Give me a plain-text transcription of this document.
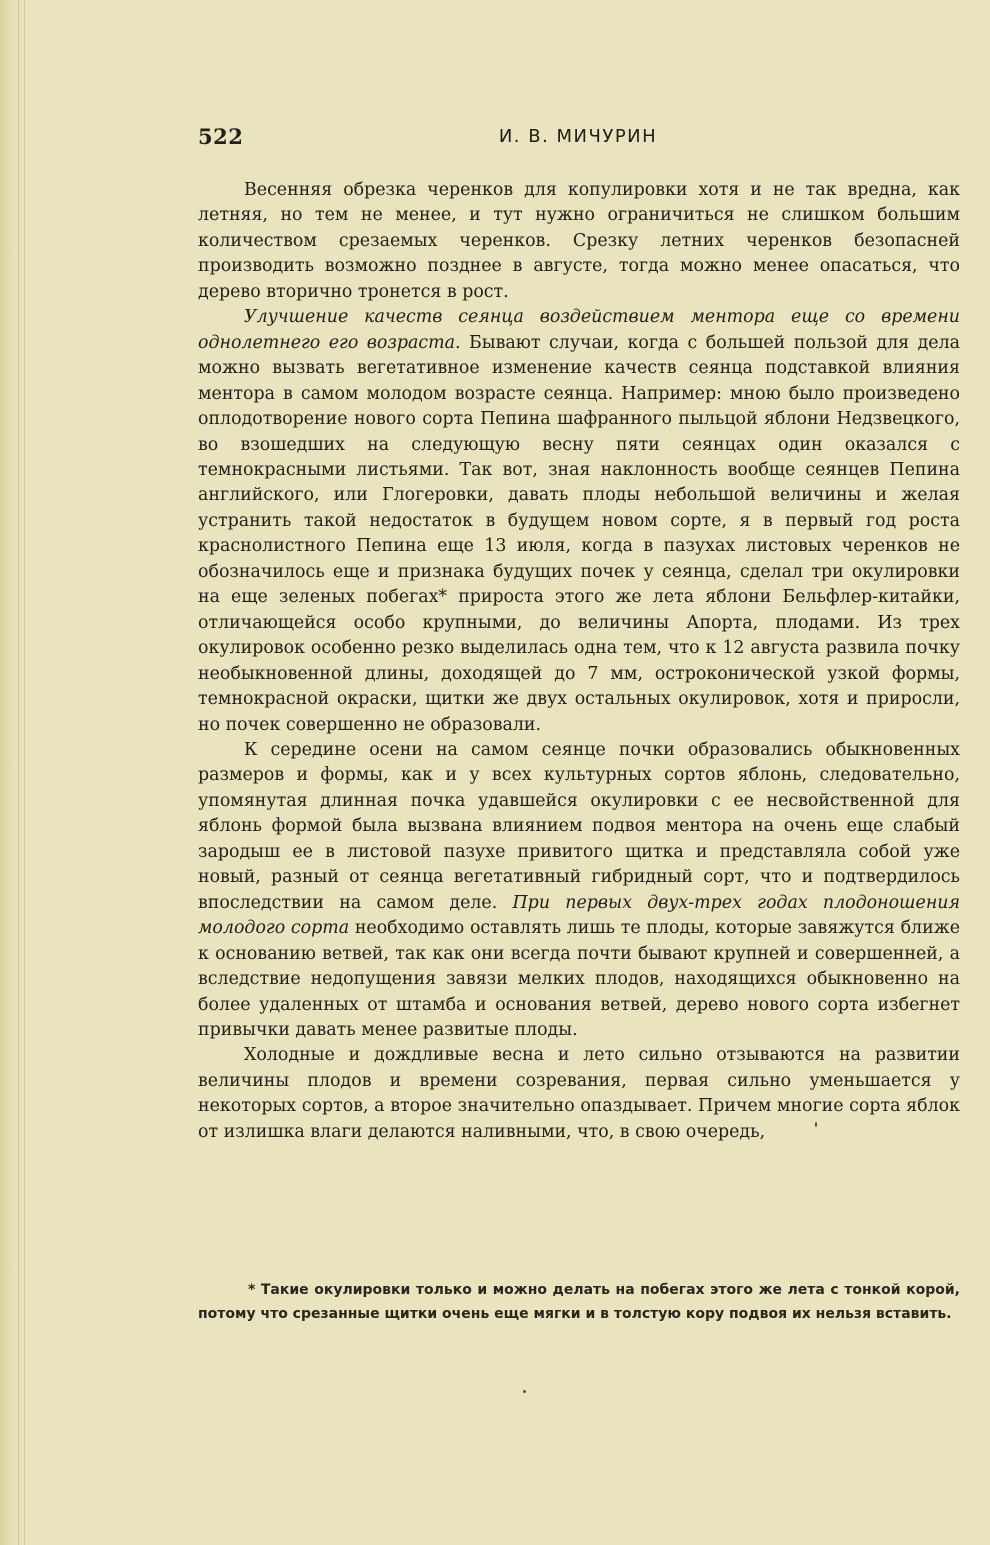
522	И. В. МИЧУРИН

Весенняя обрезка черенков для копулировки хотя и не так вредна, как летняя, но тем не менее, и тут нужно ограничиться не слишком большим количеством срезаемых черенков. Срезку летних черенков безопасней производить возможно позднее в августе, тогда можно менее опасаться, что дерево вторично тронется в рост.

Улучшение качеств сеянца воздействием ментора еще со времени однолетнего его возраста. Бывают случаи, когда с большей пользой для дела можно вызвать вегетативное изменение качеств сеянца подставкой влияния ментора в самом молодом возрасте сеянца. Например: мною было произведено оплодотворение нового сорта Пепина шафранного пыльцой яблони Недзвецкого, во взошедших на следующую весну пяти сеянцах один оказался с темнокрасными листьями. Так вот, зная наклонность вообще сеянцев Пепина английского, или Глогеровки, давать плоды небольшой величины и желая устранить такой недостаток в будущем новом сорте, я в первый год роста краснолистного Пепина еще 13 июля, когда в пазухах листовых черенков не обозначилось еще и признака будущих почек у сеянца, сделал три окулировки на еще зеленых побегах* прироста этого же лета яблони Бельфлер-китайки, отличающейся особо крупными, до величины Апорта, плодами. Из трех окулировок особенно резко выделилась одна тем, что к 12 августа развила почку необыкновенной длины, доходящей до 7 мм, остроконической узкой формы, темнокрасной окраски, щитки же двух остальных окулировок, хотя и приросли, но почек совершенно не образовали.

К середине осени на самом сеянце почки образовались обыкновенных размеров и формы, как и у всех культурных сортов яблонь, следовательно, упомянутая длинная почка удавшейся окулировки с ее несвойственной для яблонь формой была вызвана влиянием подвоя ментора на очень еще слабый зародыш ее в листовой пазухе привитого щитка и представляла собой уже новый, разный от сеянца вегетативный гибридный сорт, что и подтвердилось впоследствии на самом деле. При первых двух-трех годах плодоношения молодого сорта необходимо оставлять лишь те плоды, которые завяжутся ближе к основанию ветвей, так как они всегда почти бывают крупней и совершенней, а вследствие недопущения завязи мелких плодов, находящихся обыкновенно на более удаленных от штамба и основания ветвей, дерево нового сорта избегнет привычки давать менее развитые плоды.

Холодные и дождливые весна и лето сильно отзываются на развитии величины плодов и времени созревания, первая сильно уменьшается у некоторых сортов, а второе значительно опаздывает. Причем многие сорта яблок от излишка влаги делаются наливными, что, в свою очередь,

* Такие окулировки только и можно делать на побегах этого же лета с тонкой корой, потому что срезанные щитки очень еще мягки и в толстую кору подвоя их нельзя вставить.
